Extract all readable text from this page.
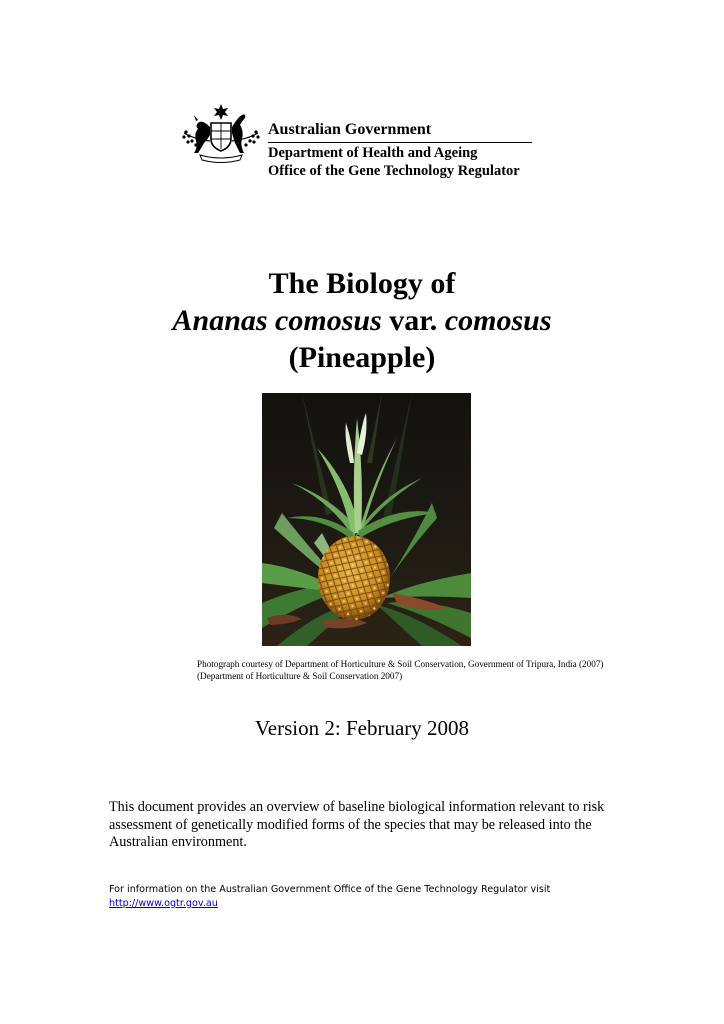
Australian Government
Department of Health and Ageing
Office of the Gene Technology Regulator
The Biology of
Ananas comosus var. comosus
(Pineapple)
Photograph courtesy of Department of Horticulture & Soil Conservation, Government of Tripura, India (2007) (Department of Horticulture & Soil Conservation 2007)
Version 2: February 2008
This document provides an overview of baseline biological information relevant to risk assessment of genetically modified forms of the species that may be released into the Australian environment.
For information on the Australian Government Office of the Gene Technology Regulator visit
http://www.ogtr.gov.au
